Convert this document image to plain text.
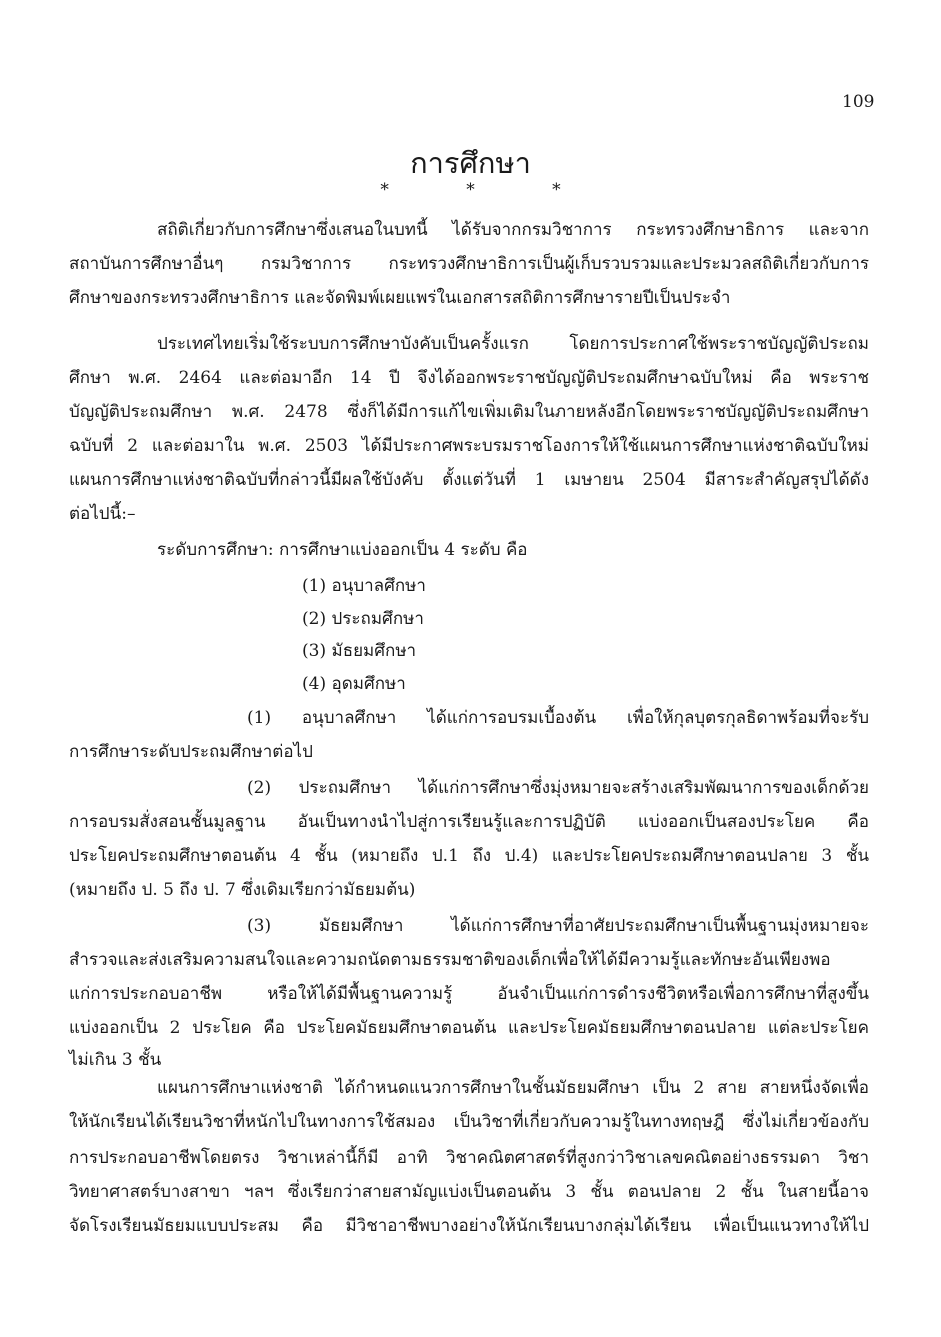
109
การศึกษา
* * *
สถิติเกี่ยวกับการศึกษาซึ่งเสนอในบทนี้ ได้รับจากกรมวิชาการ กระทรวงศึกษาธิการ และจาก
สถาบันการศึกษาอื่นๆ กรมวิชาการ กระทรวงศึกษาธิการเป็นผู้เก็บรวบรวมและประมวลสถิติเกี่ยวกับการ
ศึกษาของกระทรวงศึกษาธิการ และจัดพิมพ์เผยแพร่ในเอกสารสถิติการศึกษารายปีเป็นประจำ
ประเทศไทยเริ่มใช้ระบบการศึกษาบังคับเป็นครั้งแรก โดยการประกาศใช้พระราชบัญญัติประถม
ศึกษา พ.ศ. 2464 และต่อมาอีก 14 ปี จึงได้ออกพระราชบัญญัติประถมศึกษาฉบับใหม่ คือ พระราช
บัญญัติประถมศึกษา พ.ศ. 2478 ซึ่งก็ได้มีการแก้ไขเพิ่มเติมในภายหลังอีกโดยพระราชบัญญัติประถมศึกษา
ฉบับที่ 2 และต่อมาใน พ.ศ. 2503 ได้มีประกาศพระบรมราชโองการให้ใช้แผนการศึกษาแห่งชาติฉบับใหม่
แผนการศึกษาแห่งชาติฉบับที่กล่าวนี้มีผลใช้บังคับ ตั้งแต่วันที่ 1 เมษายน 2504 มีสาระสำคัญสรุปได้ดัง
ต่อไปนี้:–
ระดับการศึกษา: การศึกษาแบ่งออกเป็น 4 ระดับ คือ
(1) อนุบาลศึกษา
(2) ประถมศึกษา
(3) มัธยมศึกษา
(4) อุดมศึกษา
(1) อนุบาลศึกษา ได้แก่การอบรมเบื้องต้น เพื่อให้กุลบุตรกุลธิดาพร้อมที่จะรับ
การศึกษาระดับประถมศึกษาต่อไป
(2) ประถมศึกษา ได้แก่การศึกษาซึ่งมุ่งหมายจะสร้างเสริมพัฒนาการของเด็กด้วย
การอบรมสั่งสอนชั้นมูลฐาน อันเป็นทางนำไปสู่การเรียนรู้และการปฏิบัติ แบ่งออกเป็นสองประโยค คือ
ประโยคประถมศึกษาตอนต้น 4 ชั้น (หมายถึง ป.1 ถึง ป.4) และประโยคประถมศึกษาตอนปลาย 3 ชั้น
(หมายถึง ป. 5 ถึง ป. 7 ซึ่งเดิมเรียกว่ามัธยมต้น)
(3) มัธยมศึกษา ได้แก่การศึกษาที่อาศัยประถมศึกษาเป็นพื้นฐานมุ่งหมายจะ
สำรวจและส่งเสริมความสนใจและความถนัดตามธรรมชาติของเด็กเพื่อให้ได้มีความรู้และทักษะอันเพียงพอ
แก่การประกอบอาชีพ หรือให้ได้มีพื้นฐานความรู้ อันจำเป็นแก่การดำรงชีวิตหรือเพื่อการศึกษาที่สูงขึ้น
แบ่งออกเป็น 2 ประโยค คือ ประโยคมัธยมศึกษาตอนต้น และประโยคมัธยมศึกษาตอนปลาย แต่ละประโยค
ไม่เกิน 3 ชั้น
แผนการศึกษาแห่งชาติ ได้กำหนดแนวการศึกษาในชั้นมัธยมศึกษา เป็น 2 สาย สายหนึ่งจัดเพื่อ
ให้นักเรียนได้เรียนวิชาที่หนักไปในทางการใช้สมอง เป็นวิชาที่เกี่ยวกับความรู้ในทางทฤษฎี ซึ่งไม่เกี่ยวข้องกับ
การประกอบอาชีพโดยตรง วิชาเหล่านี้ก็มี อาทิ วิชาคณิตศาสตร์ที่สูงกว่าวิชาเลขคณิตอย่างธรรมดา วิชา
วิทยาศาสตร์บางสาขา ฯลฯ ซึ่งเรียกว่าสายสามัญแบ่งเป็นตอนต้น 3 ชั้น ตอนปลาย 2 ชั้น ในสายนี้อาจ
จัดโรงเรียนมัธยมแบบประสม คือ มีวิชาอาชีพบางอย่างให้นักเรียนบางกลุ่มได้เรียน เพื่อเป็นแนวทางให้ไป
